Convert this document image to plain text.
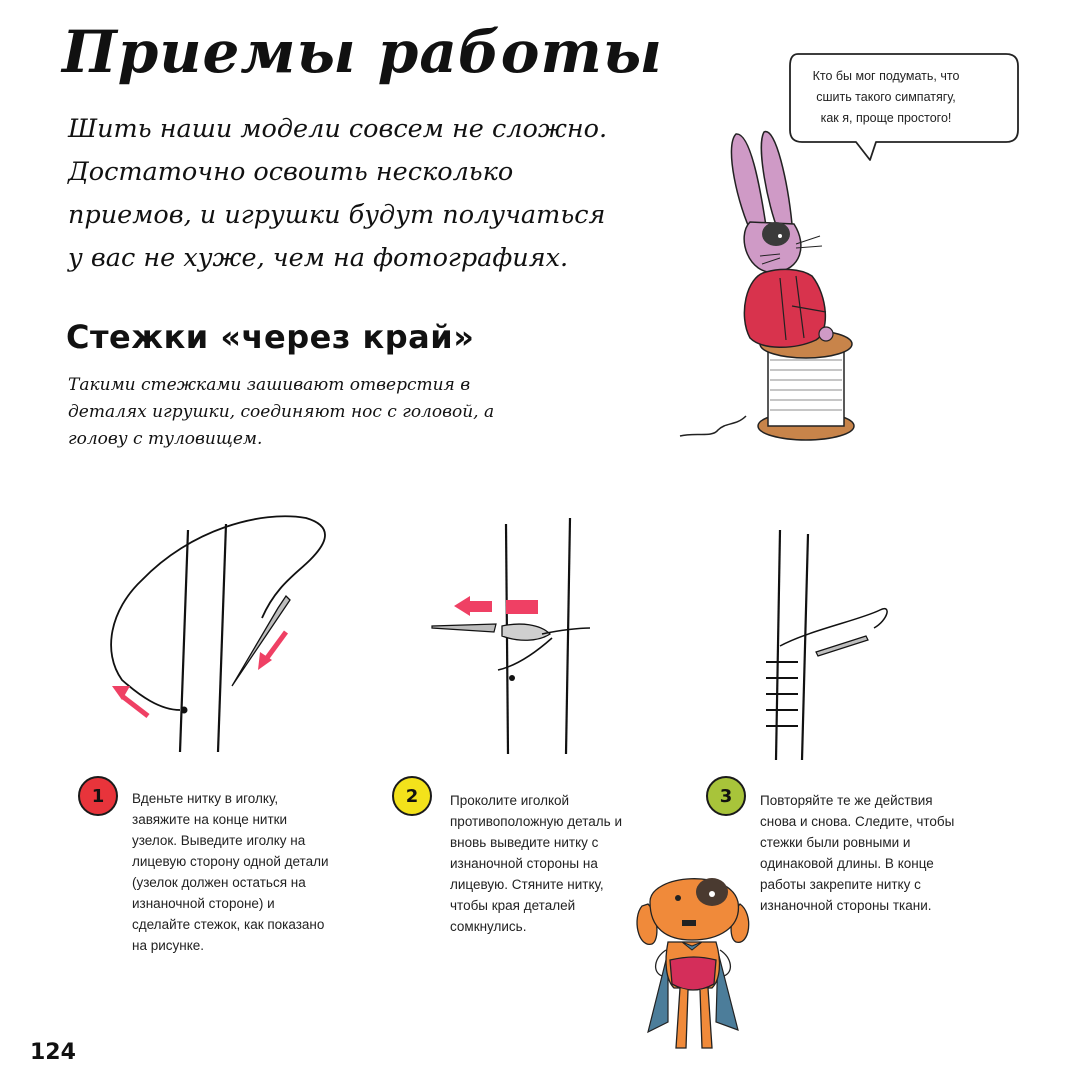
Приемы работы

Шить наши модели совсем не сложно. Достаточно освоить несколько приемов, и игрушки будут получаться у вас не хуже, чем на фотографиях.

Стежки «через край»

Такими стежками зашивают отверстия в деталях игрушки, соединяют нос с головой, а голову с туловищем.

Кто бы мог подумать, что сшить такого симпатягу, как я, проще простого!

1 Вденьте нитку в иголку, завяжите на конце нитки узелок. Выведите иголку на лицевую сторону одной детали (узелок должен остаться на изнаночной стороне) и сделайте стежок, как показано на рисунке.

2 Проколите иголкой противоположную деталь и вновь выведите нитку с изнаночной стороны на лицевую. Стяните нитку, чтобы края деталей сомкнулись.

3 Повторяйте те же действия снова и снова. Следите, чтобы стежки были ровными и одинаковой длины. В конце работы закрепите нитку с изнаночной стороны ткани.

124
